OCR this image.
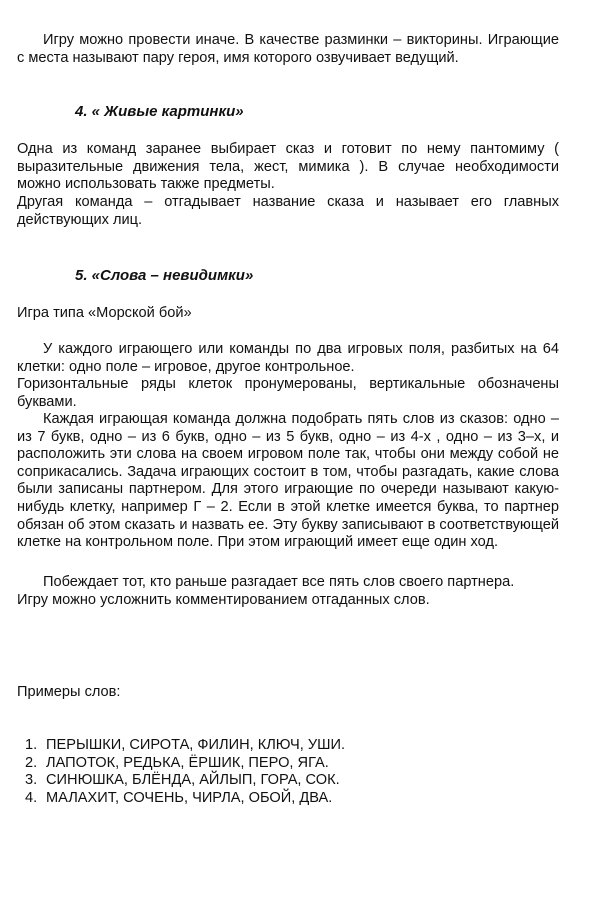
Игру можно провести иначе. В качестве разминки – викторины. Играющие с места называют пару героя, имя которого озвучивает ведущий.
4. « Живые картинки»
Одна из команд заранее выбирает сказ и готовит по нему пантомиму ( выразительные движения тела, жест, мимика ). В случае необходимости можно использовать также предметы.
Другая команда – отгадывает название сказа и называет его главных действующих лиц.
5. «Слова – невидимки»
Игра типа «Морской бой»
У каждого играющего или команды по два игровых поля, разбитых на 64 клетки: одно поле – игровое, другое контрольное.
Горизонтальные ряды клеток пронумерованы, вертикальные обозначены буквами.
Каждая играющая команда должна подобрать пять слов из сказов: одно – из 7 букв, одно – из 6 букв, одно – из 5 букв, одно – из 4-х , одно – из 3–х, и расположить эти слова на своем игровом поле так, чтобы они между собой не соприкасались. Задача играющих состоит в том, чтобы разгадать, какие слова были записаны партнером. Для этого играющие по очереди называют какую-нибудь клетку, например Г – 2. Если в этой клетке имеется буква, то партнер обязан об этом сказать и назвать ее. Эту букву записывают в соответствующей клетке на контрольном поле. При этом играющий имеет еще один ход.
Побеждает тот, кто раньше разгадает все пять слов своего партнера.
Игру можно усложнить комментированием отгаданных слов.
Примеры слов:
1. ПЕРЫШКИ, СИРОТА, ФИЛИН, КЛЮЧ, УШИ.
2. ЛАПОТОК, РЕДЬКА, ЁРШИК, ПЕРО, ЯГА.
3. СИНЮШКА, БЛЁНДА, АЙЛЫП, ГОРА, СОК.
4. МАЛАХИТ, СОЧЕНЬ, ЧИРЛА, ОБОЙ, ДВА.
